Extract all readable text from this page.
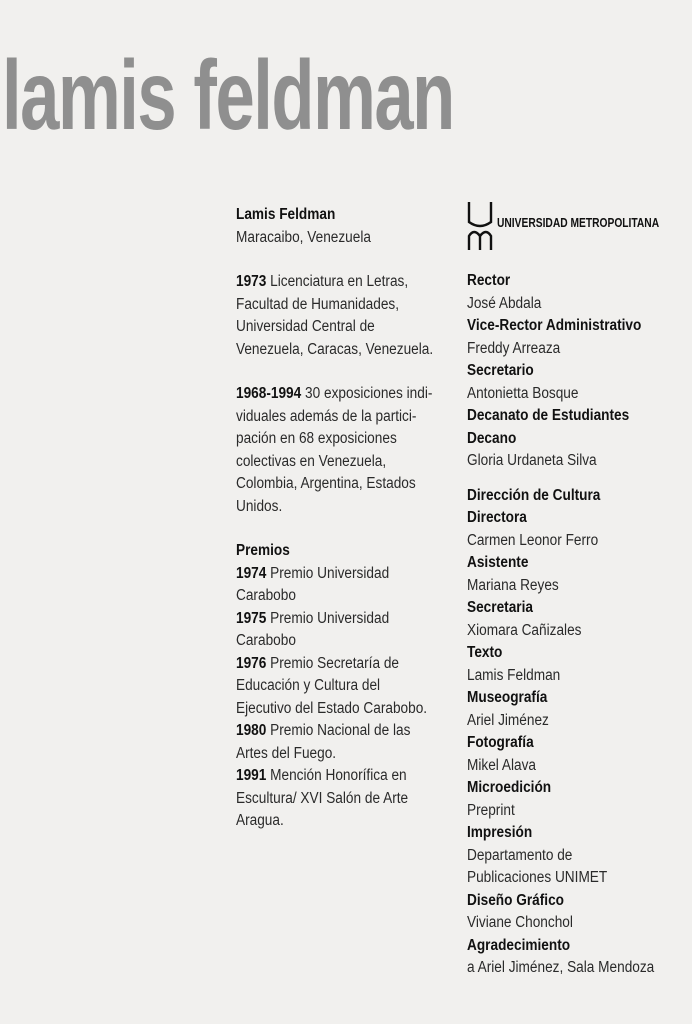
lamis feldman
Lamis Feldman
Maracaibo, Venezuela
1973 Licenciatura en Letras,
Facultad de Humanidades,
Universidad Central de
Venezuela, Caracas, Venezuela.
1968-1994 30 exposiciones indi-
viduales además de la partici-
pación en 68 exposiciones
colectivas en Venezuela,
Colombia, Argentina, Estados
Unidos.
Premios
1974 Premio Universidad
Carabobo
1975 Premio Universidad
Carabobo
1976 Premio Secretaría de
Educación y Cultura del
Ejecutivo del Estado Carabobo.
1980 Premio Nacional de las
Artes del Fuego.
1991 Mención Honorífica en
Escultura/ XVI Salón de Arte
Aragua.
UNIVERSIDAD METROPOLITANA
Rector
José Abdala
Vice-Rector Administrativo
Freddy Arreaza
Secretario
Antonietta Bosque
Decanato de Estudiantes
Decano
Gloria Urdaneta Silva
Dirección de Cultura
Directora
Carmen Leonor Ferro
Asistente
Mariana Reyes
Secretaria
Xiomara Cañizales
Texto
Lamis Feldman
Museografía
Ariel Jiménez
Fotografía
Mikel Alava
Microedición
Preprint
Impresión
Departamento de
Publicaciones UNIMET
Diseño Gráfico
Viviane Chonchol
Agradecimiento
a Ariel Jiménez, Sala Mendoza
